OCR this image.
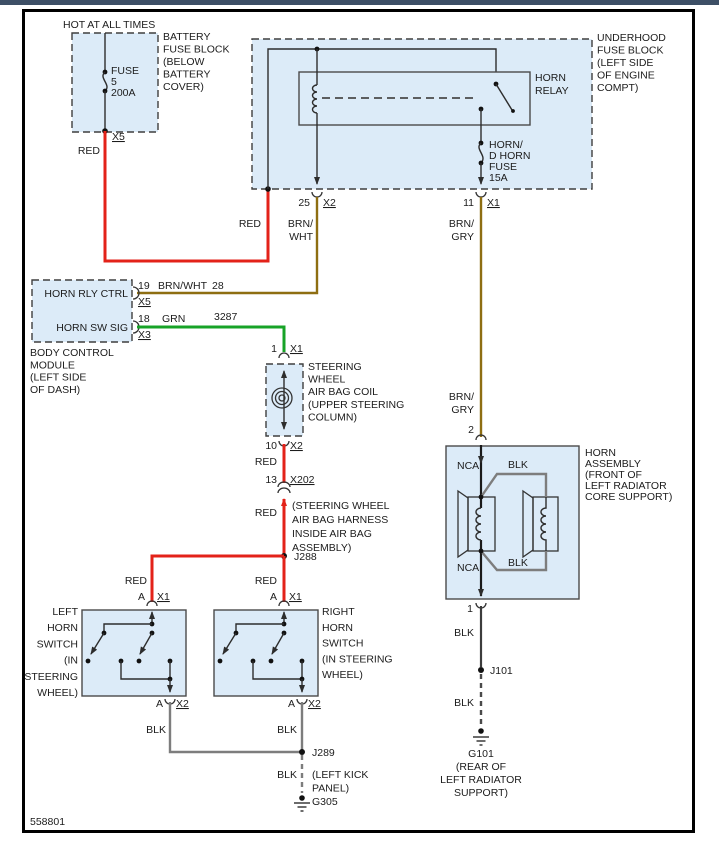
HOT AT ALL TIMES
FUSE 5 200A
BATTERY FUSE BLOCK (BELOW BATTERY COVER)
X5
RED
RED
UNDERHOOD FUSE BLOCK (LEFT SIDE OF ENGINE COMPT)
HORN RELAY
25 X2
HORN/ D HORN FUSE 15A
11 X1
BRN/ WHT
BRN/ GRY
BRN/ GRY
HORN RLY CTRL
HORN SW SIG
19 BRN/WHT 28
X5
18 GRN	3287
X3
BODY CONTROL MODULE (LEFT SIDE OF DASH)
1 X1
STEERING WHEEL AIR BAG COIL (UPPER STEERING COLUMN)
10 X2
RED
13 X202
RED
(STEERING WHEEL AIR BAG HARNESS INSIDE AIR BAG ASSEMBLY)
J288
RED	RED
A X1
LEFT HORN SWITCH (IN STEERING WHEEL)
A X2
A X1
RIGHT HORN SWITCH (IN STEERING WHEEL)
A X2
BLK	BLK
J289
BLK (LEFT KICK PANEL)
G305
2
HORN ASSEMBLY (FRONT OF LEFT RADIATOR CORE SUPPORT)
NCA
NCA
BLK
BLK
1
BLK
J101
BLK
G101 (REAR OF LEFT RADIATOR SUPPORT)
558801
